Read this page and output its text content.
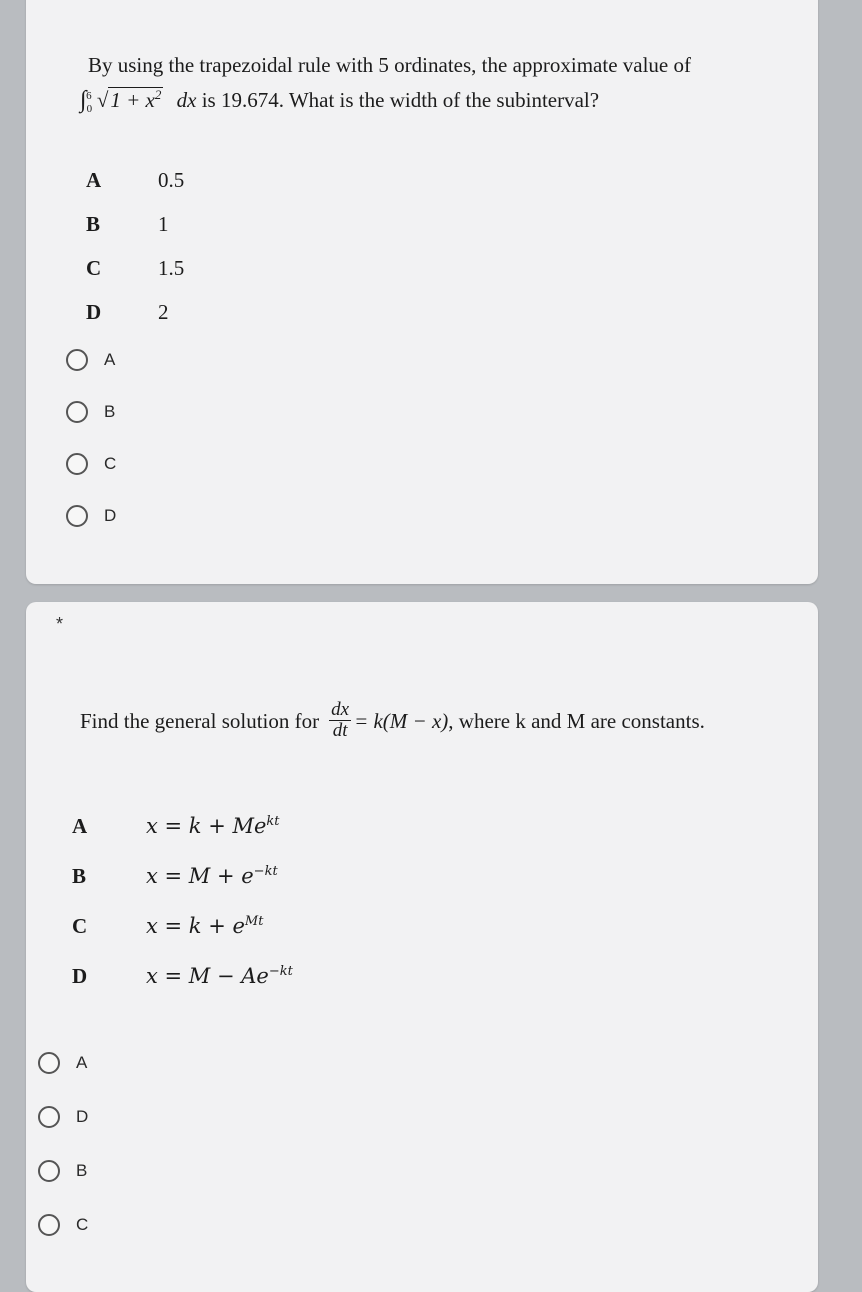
By using the trapezoidal rule with 5 ordinates, the approximate value of
$\int_0^6$ $√1 + x^2$ dx is 19.674. What is the width of the subinterval?
A	0.5
B	1
C	1.5
D	2
A
B
C
D
*
Find the general solution for $\frac{dx}{dt} = k(M - x)$ , where k and M are constants.
A	$x = k + Me^{kt}$
B	$x = M + e^{-kt}$
C	$x = k + e^{Mt}$
D	$x = M - Ae^{-kt}$
A
D
B
C
